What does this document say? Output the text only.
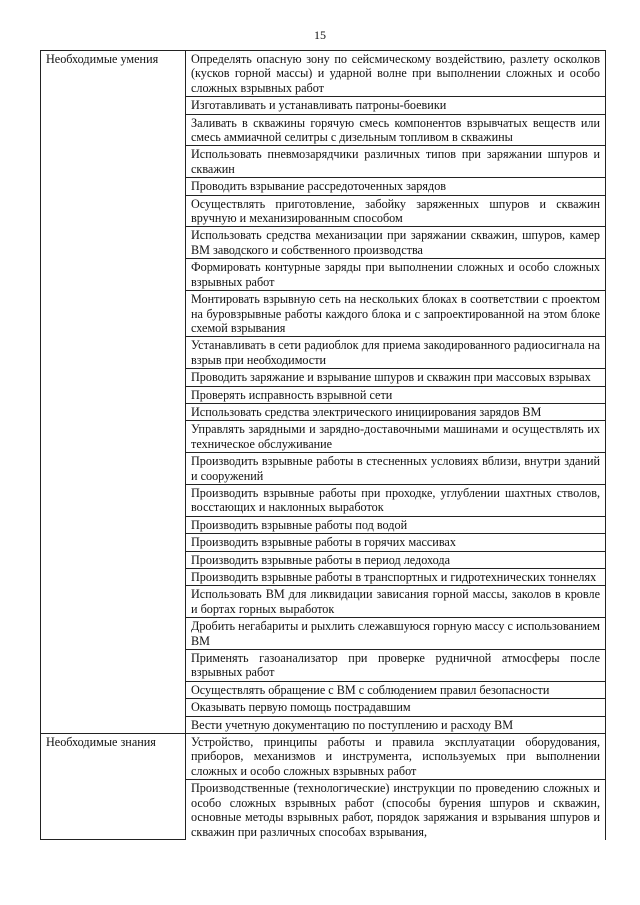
15
Необходимые умения	Определять опасную зону по сейсмическому воздействию, разлету осколков (кусков горной массы) и ударной волне при выполнении сложных и особо сложных взрывных работ
	Изготавливать и устанавливать патроны-боевики
	Заливать в скважины горячую смесь компонентов взрывчатых веществ или смесь аммиачной селитры с дизельным топливом в скважины
	Использовать пневмозарядчики различных типов при заряжании шпуров и скважин
	Проводить взрывание рассредоточенных зарядов
	Осуществлять приготовление, забойку заряженных шпуров и скважин вручную и механизированным способом
	Использовать средства механизации при заряжании скважин, шпуров, камер ВМ заводского и собственного производства
	Формировать контурные заряды при выполнении сложных и особо сложных взрывных работ
	Монтировать взрывную сеть на нескольких блоках в соответствии с проектом на буровзрывные работы каждого блока и с запроектированной на этом блоке схемой взрывания
	Устанавливать в сети радиоблок для приема закодированного радиосигнала на взрыв при необходимости
	Проводить заряжание и взрывание шпуров и скважин при массовых взрывах
	Проверять исправность взрывной сети
	Использовать средства электрического инициирования зарядов ВМ
	Управлять зарядными и зарядно-доставочными машинами и осуществлять их техническое обслуживание
	Производить взрывные работы в стесненных условиях вблизи, внутри зданий и сооружений
	Производить взрывные работы при проходке, углублении шахтных стволов, восстающих и наклонных выработок
	Производить взрывные работы под водой
	Производить взрывные работы в горячих массивах
	Производить взрывные работы в период ледохода
	Производить взрывные работы в транспортных и гидротехнических тоннелях
	Использовать ВМ для ликвидации зависания горной массы, заколов в кровле и бортах горных выработок
	Дробить негабариты и рыхлить слежавшуюся горную массу с использованием ВМ
	Применять газоанализатор при проверке рудничной атмосферы после взрывных работ
	Осуществлять обращение с ВМ с соблюдением правил безопасности
	Оказывать первую помощь пострадавшим
	Вести учетную документацию по поступлению и расходу ВМ
Необходимые знания	Устройство, принципы работы и правила эксплуатации оборудования, приборов, механизмов и инструмента, используемых при выполнении сложных и особо сложных взрывных работ
	Производственные (технологические) инструкции по проведению сложных и особо сложных взрывных работ (способы бурения шпуров и скважин, основные методы взрывных работ, порядок заряжания и взрывания шпуров и скважин при различных способах взрывания,
